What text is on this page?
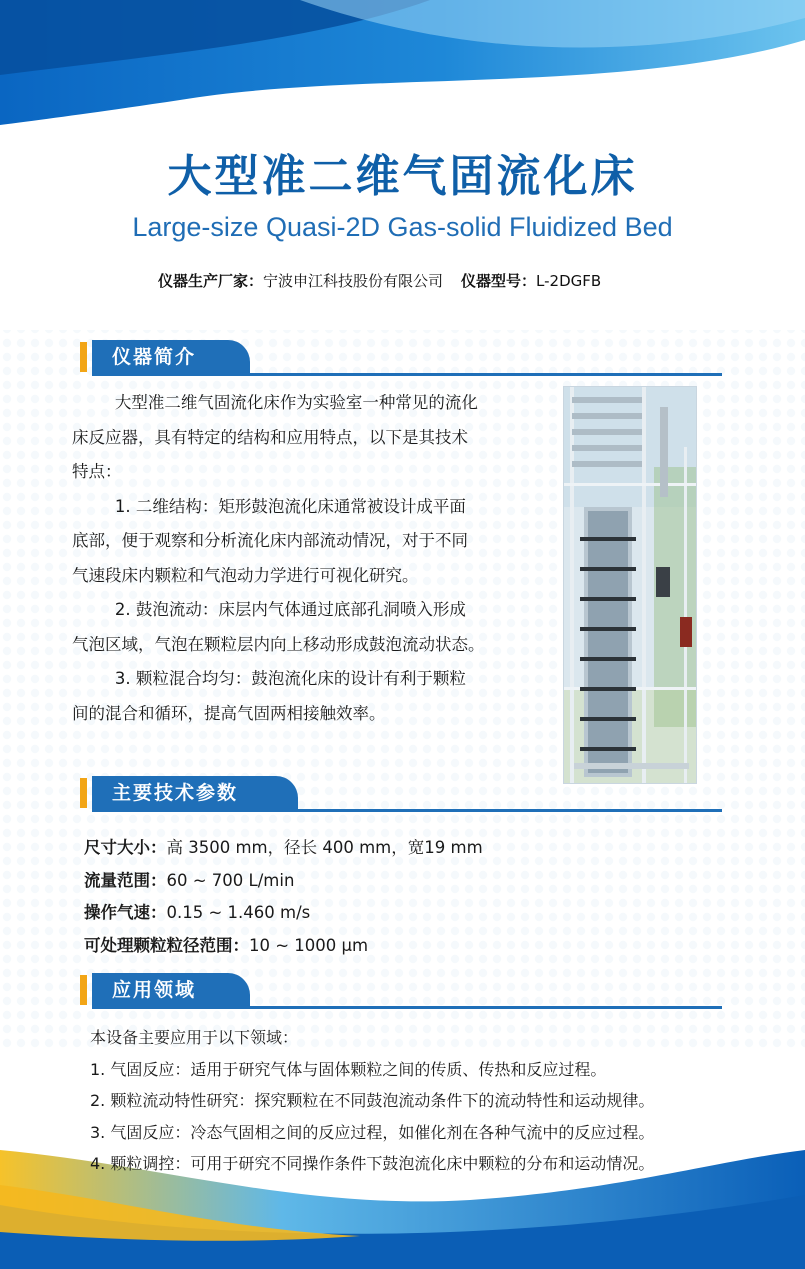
大型准二维气固流化床
Large-size Quasi-2D Gas-solid Fluidized Bed
仪器生产厂家：宁波申江科技股份有限公司 仪器型号：L-2DGFB
仪器简介

大型准二维气固流化床作为实验室一种常见的流化

床反应器，具有特定的结构和应用特点，以下是其技术

特点：

1. 二维结构：矩形鼓泡流化床通常被设计成平面

底部，便于观察和分析流化床内部流动情况，对于不同

气速段床内颗粒和气泡动力学进行可视化研究。

2. 鼓泡流动：床层内气体通过底部孔洞喷入形成

气泡区域，气泡在颗粒层内向上移动形成鼓泡流动状态。

3. 颗粒混合均匀：鼓泡流化床的设计有利于颗粒

间的混合和循环，提高气固两相接触效率。

主要技术参数
尺寸大小：高 3500 mm，径长 400 mm，宽19 mm
流量范围：60 ~ 700 L/min
操作气速：0.15 ~ 1.460 m/s
可处理颗粒粒径范围：10 ~ 1000 μm
应用领域
本设备主要应用于以下领域：
1. 气固反应：适用于研究气体与固体颗粒之间的传质、传热和反应过程。
2. 颗粒流动特性研究：探究颗粒在不同鼓泡流动条件下的流动特性和运动规律。
3. 气固反应：冷态气固相之间的反应过程，如催化剂在各种气流中的反应过程。
4. 颗粒调控：可用于研究不同操作条件下鼓泡流化床中颗粒的分布和运动情况。
